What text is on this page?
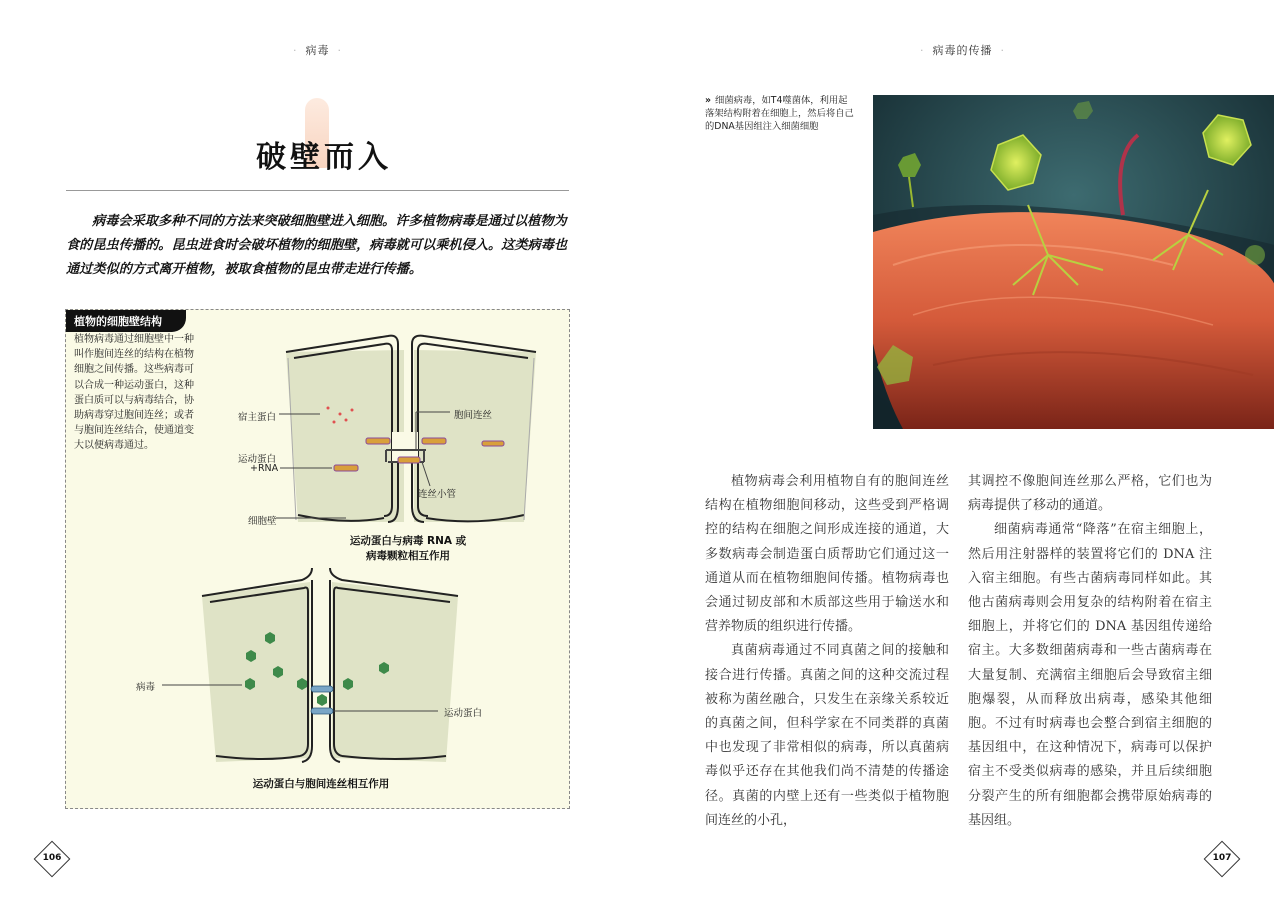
· 病毒 ·
·	病毒的传播 ·
破壁而入

病毒会采取多种不同的方法来突破细胞壁进入细胞。许多植物病毒是通过以植物为食的昆虫传播的。昆虫进食时会破坏植物的细胞壁，病毒就可以乘机侵入。这类病毒也通过类似的方式离开植物，被取食植物的昆虫带走进行传播。

植物的细胞壁结构
植物病毒通过细胞壁中一种叫作胞间连丝的结构在植物细胞之间传播。这些病毒可以合成一种运动蛋白，这种蛋白质可以与病毒结合，协助病毒穿过胞间连丝；或者与胞间连丝结合，使通道变大以便病毒通过。
宿主蛋白
运动蛋白
+RNA
细胞壁
胞间连丝
连丝小管
运动蛋白与病毒 RNA 或
病毒颗粒相互作用
病毒
运动蛋白
运动蛋白与胞间连丝相互作用
» 细菌病毒，如T4噬菌体，利用起落架结构附着在细胞上，然后将自己的DNA基因组注入细菌细胞

植物病毒会利用植物自有的胞间连丝结构在植物细胞间移动，这些受到严格调控的结构在细胞之间形成连接的通道，大多数病毒会制造蛋白质帮助它们通过这一通道从而在植物细胞间传播。植物病毒也会通过韧皮部和木质部这些用于输送水和营养物质的组织进行传播。

真菌病毒通过不同真菌之间的接触和接合进行传播。真菌之间的这种交流过程被称为菌丝融合，只发生在亲缘关系较近的真菌之间，但科学家在不同类群的真菌中也发现了非常相似的病毒，所以真菌病毒似乎还存在其他我们尚不清楚的传播途径。真菌的内壁上还有一些类似于植物胞间连丝的小孔，

其调控不像胞间连丝那么严格，它们也为病毒提供了移动的通道。

细菌病毒通常“降落”在宿主细胞上，然后用注射器样的装置将它们的 DNA 注入宿主细胞。有些古菌病毒同样如此。其他古菌病毒则会用复杂的结构附着在宿主细胞上，并将它们的 DNA 基因组传递给宿主。大多数细菌病毒和一些古菌病毒在大量复制、充满宿主细胞后会导致宿主细胞爆裂，从而释放出病毒，感染其他细胞。不过有时病毒也会整合到宿主细胞的基因组中，在这种情况下，病毒可以保护宿主不受类似病毒的感染，并且后续细胞分裂产生的所有细胞都会携带原始病毒的基因组。

106	107
